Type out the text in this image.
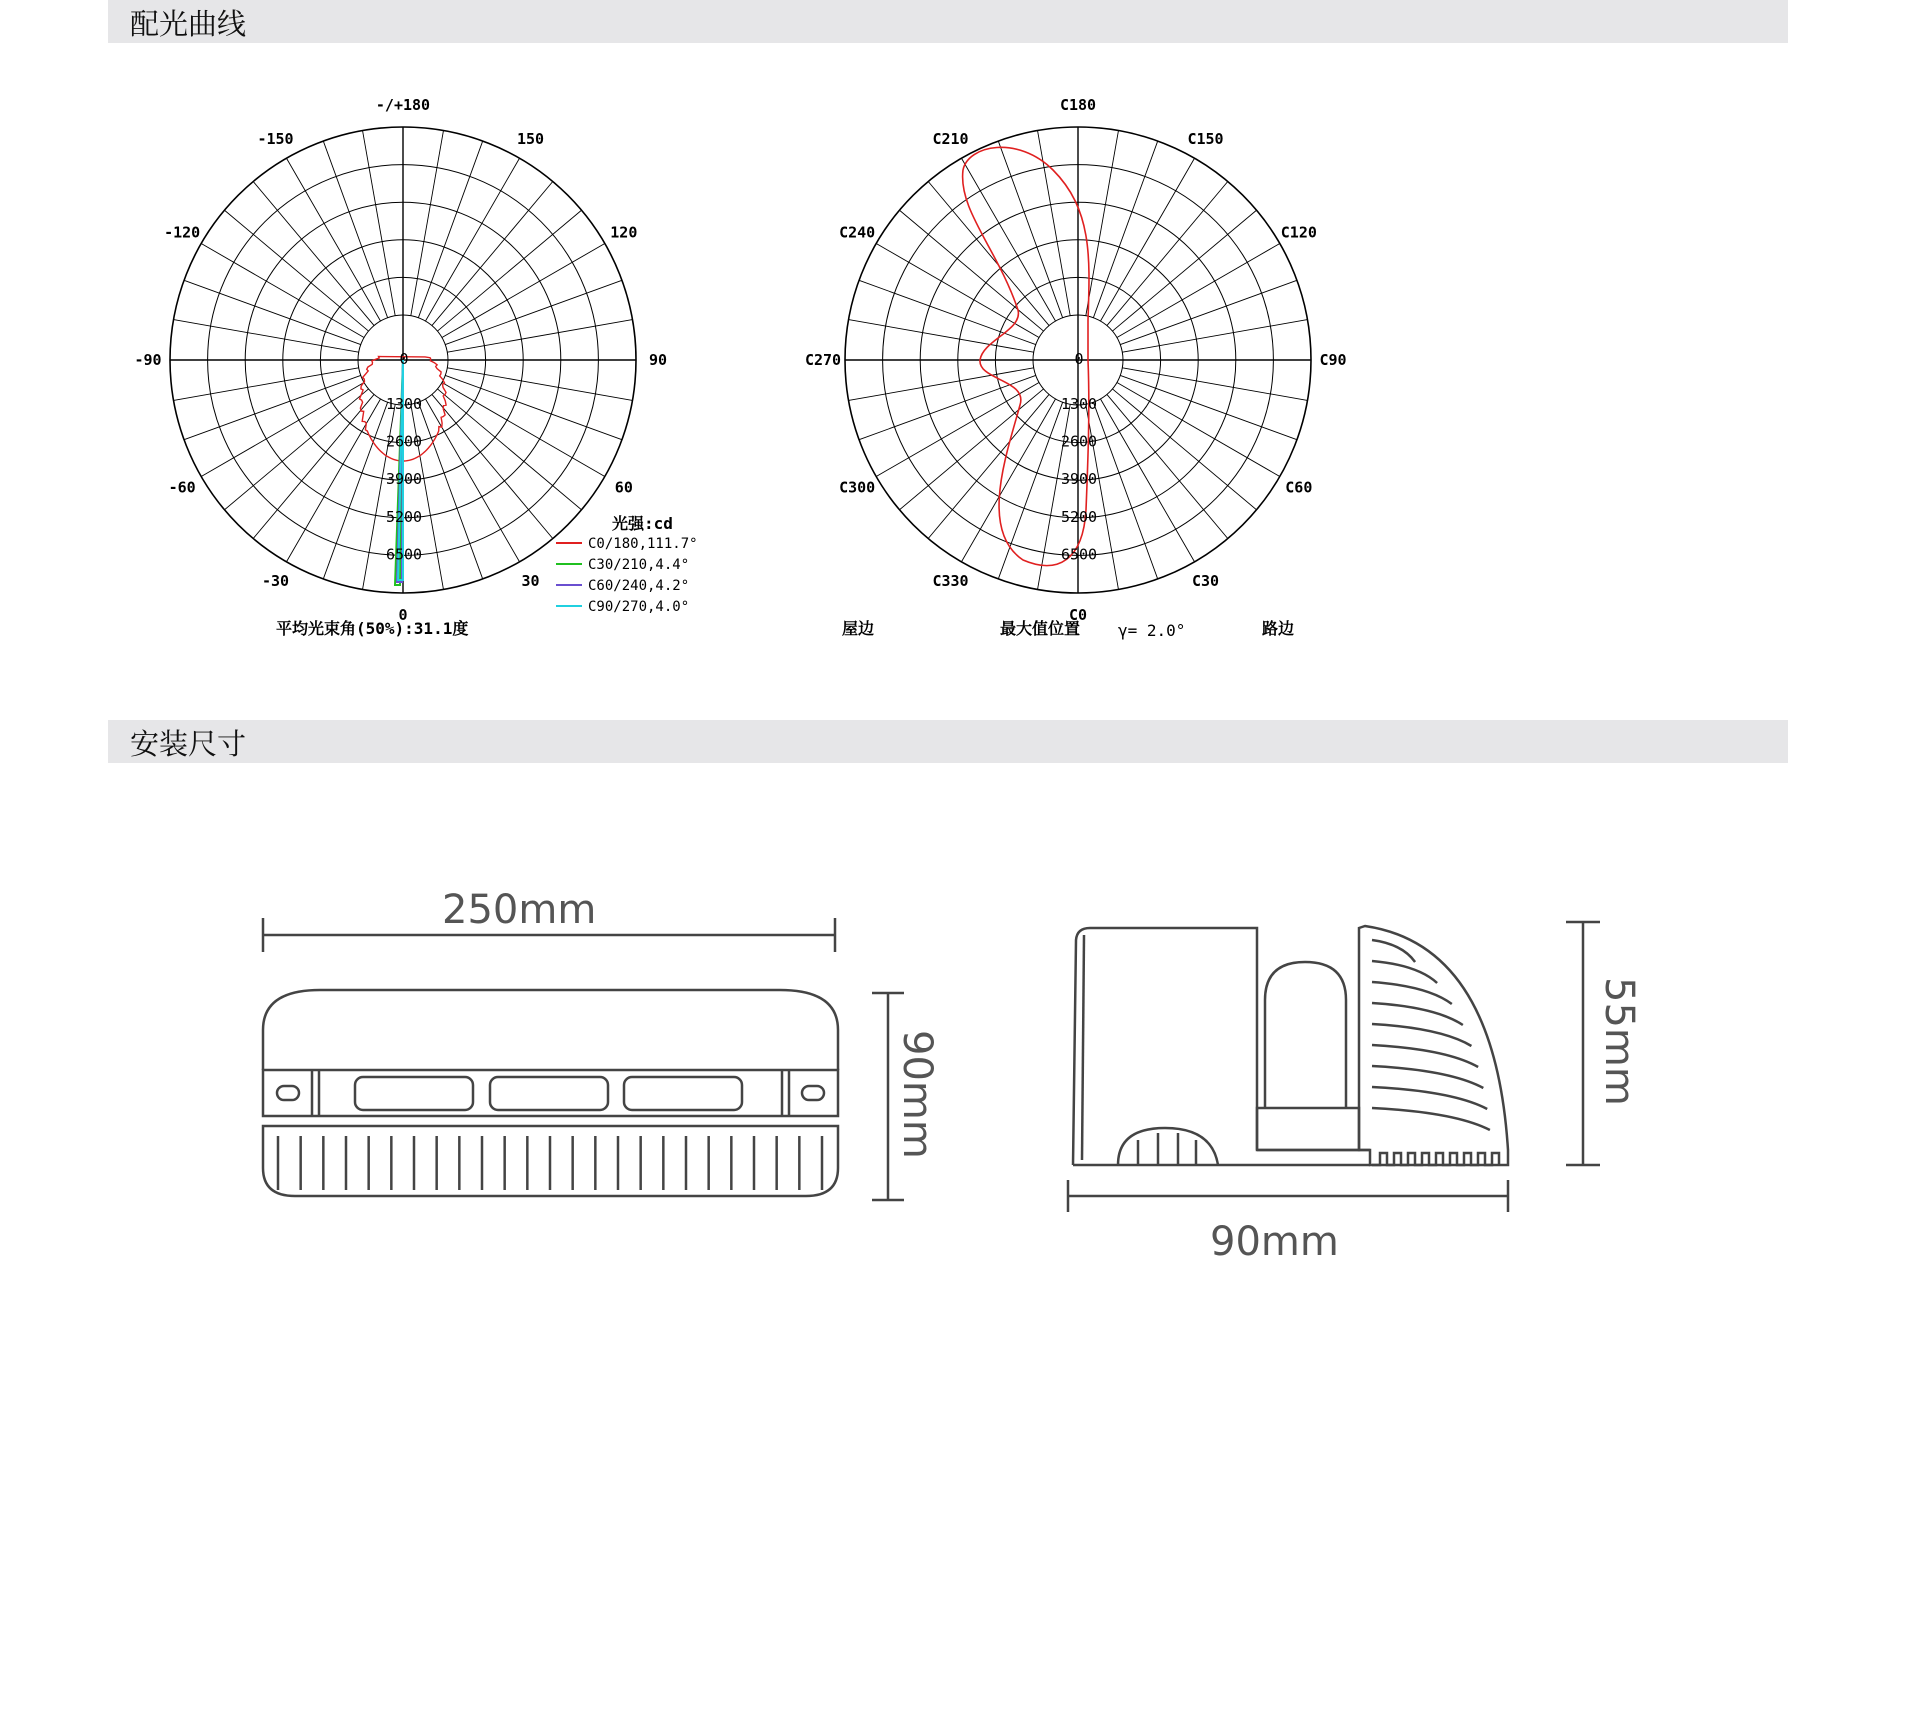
配光曲线
安装尺寸
-/+180
150
120
90
60
30
0
-30
-60
-90
-120
-150
0
1300
2600
3900
5200
6500
光强:cd
C0/180,111.7°
C30/210,4.4°
C60/240,4.2°
C90/270,4.0°
平均光束角(50%):31.1度
C180
C150
C120
C90
C60
C30
C0
C330
C300
C270
C240
C210
0
1300
2600
3900
5200
6500
屋边	最大值位置 γ= 2.0°	路边
250mm
90mm
90mm
55mm
